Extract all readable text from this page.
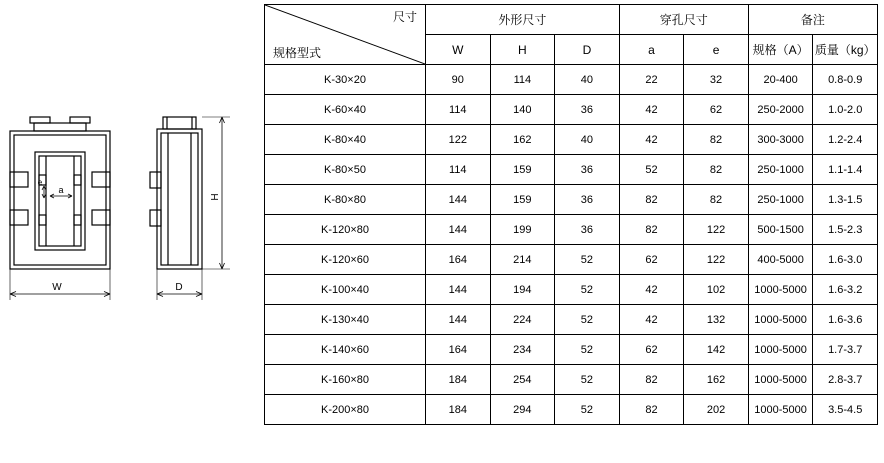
W
a
e
D
H
尺寸
规格型式	外形尺寸			穿孔尺寸		备注	
	W	H	D	a	e	规格（A）	质量（kg）
K-30×20	90	114	40	22	32	20-400	0.8-0.9
K-60×40	114	140	36	42	62	250-2000	1.0-2.0
K-80×40	122	162	40	42	82	300-3000	1.2-2.4
K-80×50	114	159	36	52	82	250-1000	1.1-1.4
K-80×80	144	159	36	82	82	250-1000	1.3-1.5
K-120×80	144	199	36	82	122	500-1500	1.5-2.3
K-120×60	164	214	52	62	122	400-5000	1.6-3.0
K-100×40	144	194	52	42	102	1000-5000	1.6-3.2
K-130×40	144	224	52	42	132	1000-5000	1.6-3.6
K-140×60	164	234	52	62	142	1000-5000	1.7-3.7
K-160×80	184	254	52	82	162	1000-5000	2.8-3.7
K-200×80	184	294	52	82	202	1000-5000	3.5-4.5
